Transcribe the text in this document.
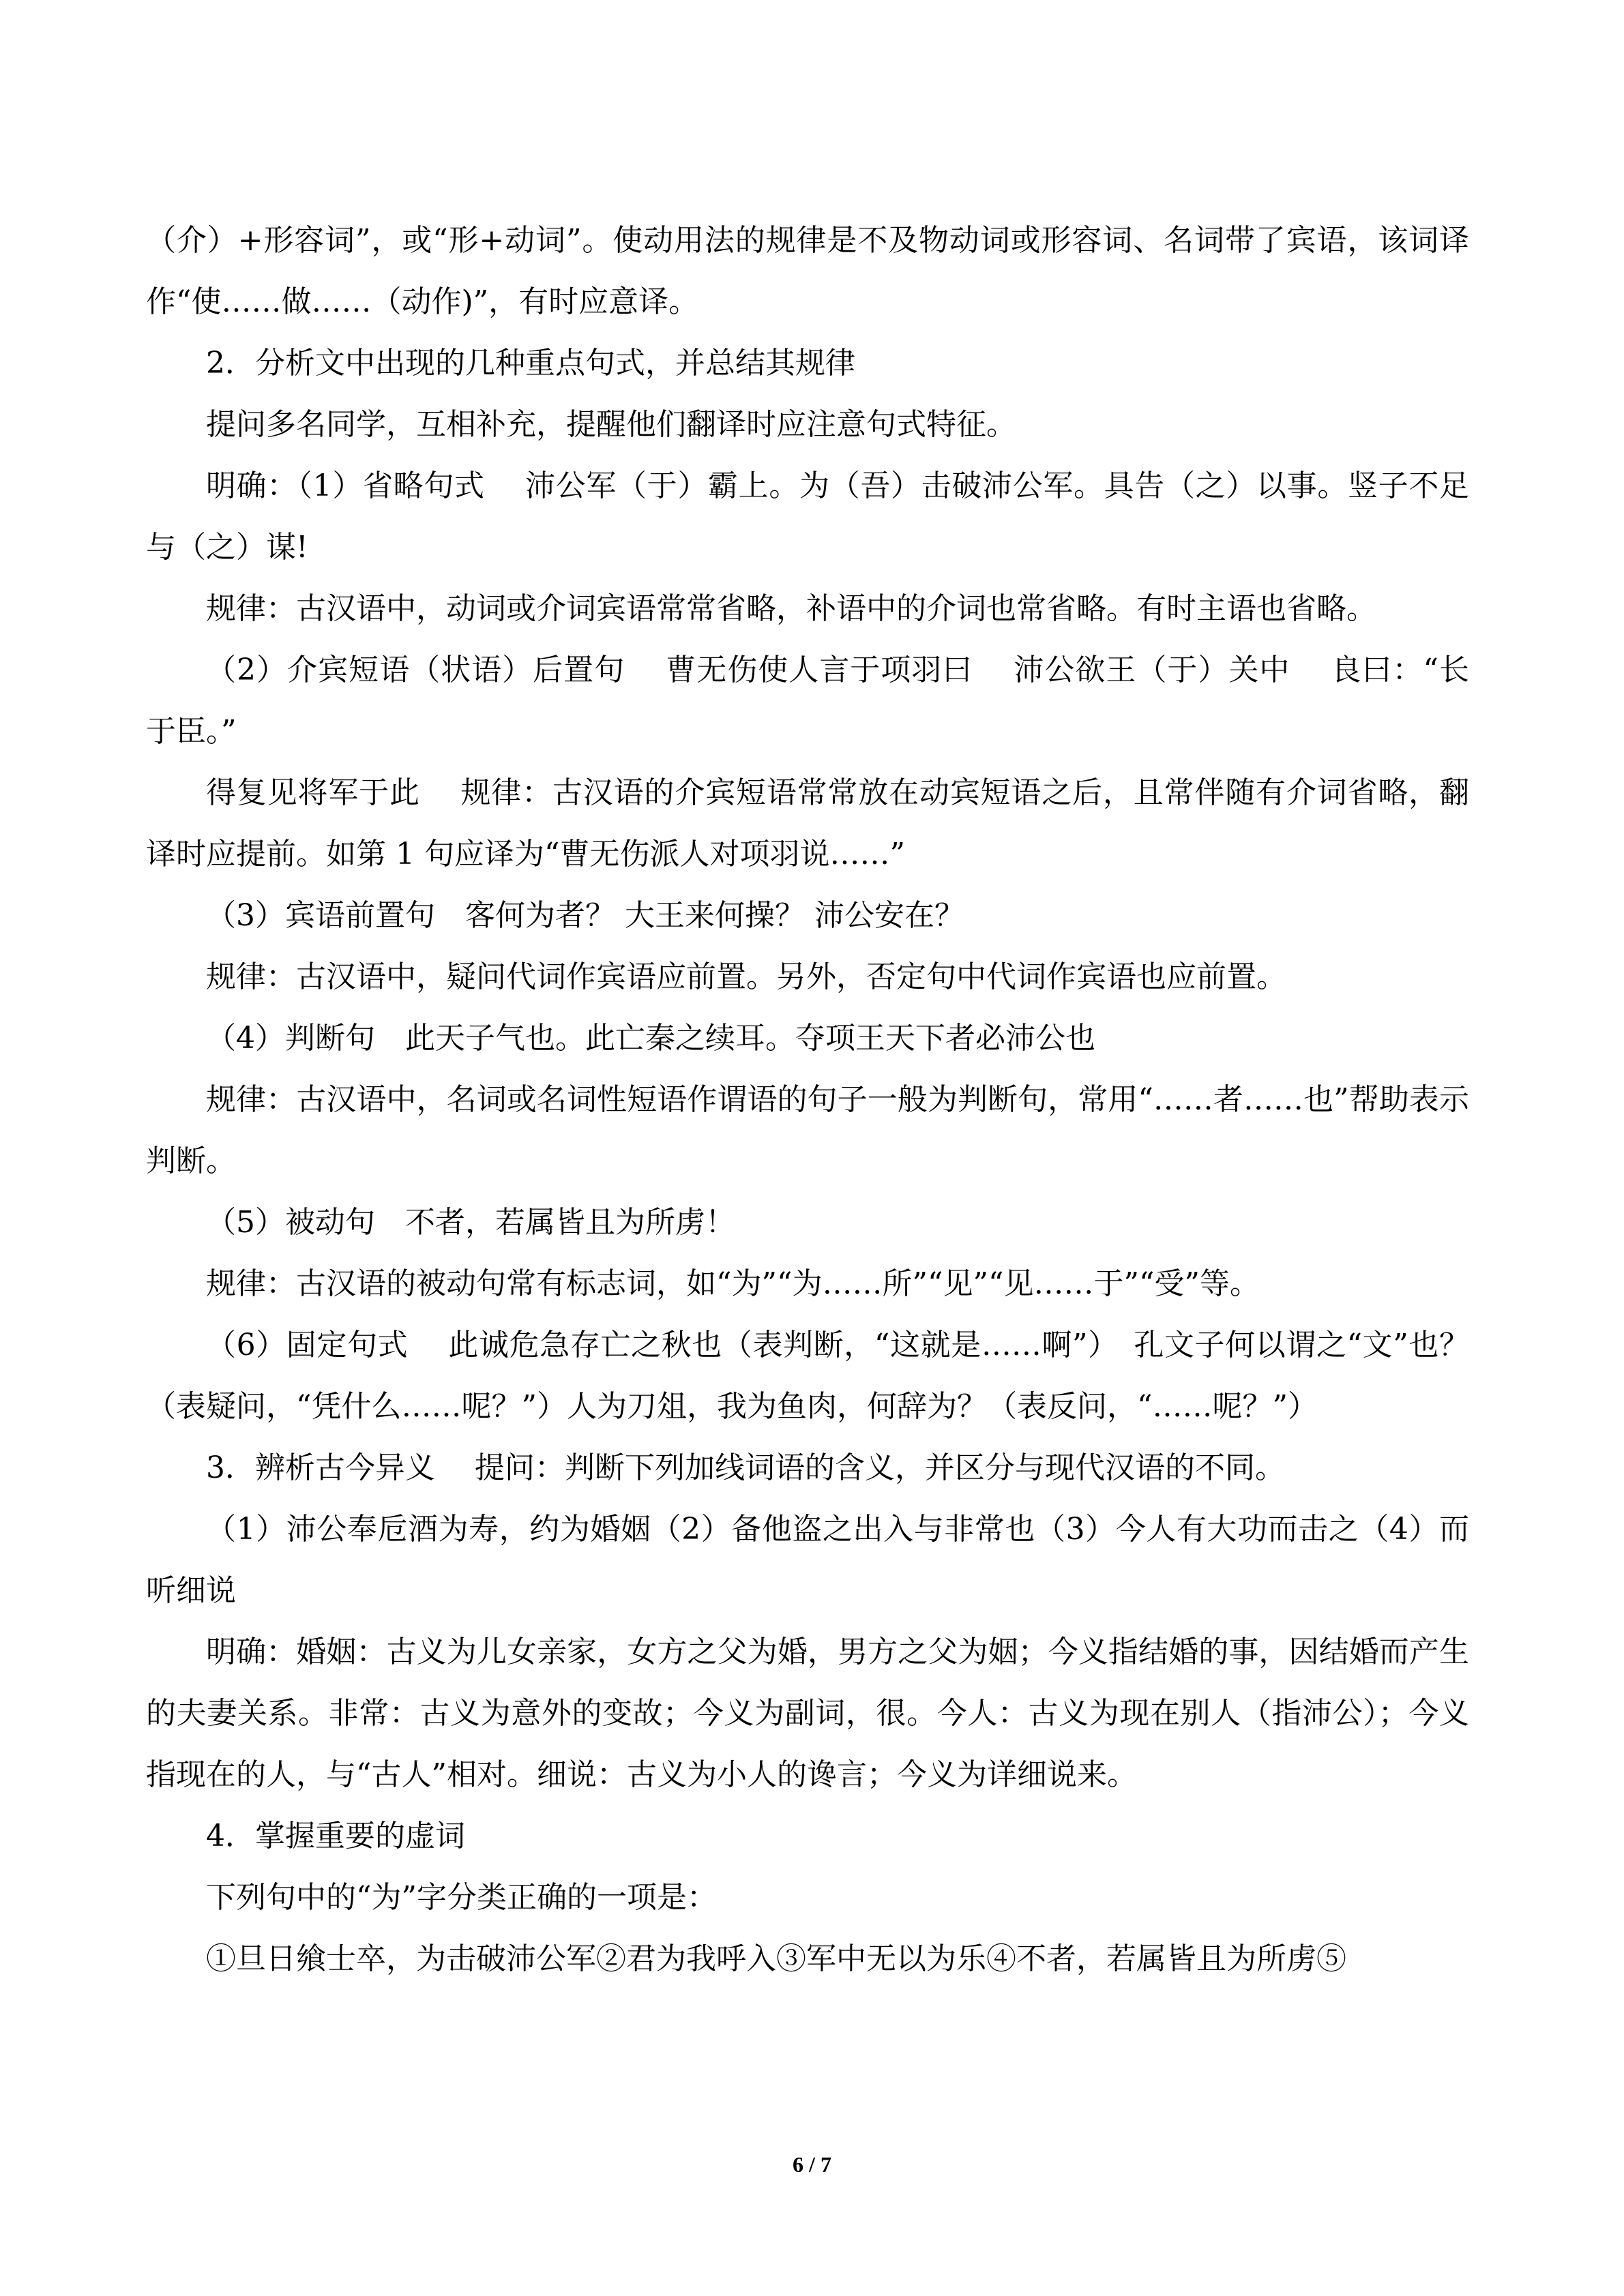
（介）+形容词”，或“形+动词”。使动用法的规律是不及物动词或形容词、名词带了宾语，该词译作“使……做……（动作)”，有时应意译。

2．分析文中出现的几种重点句式，并总结其规律

提问多名同学，互相补充，提醒他们翻译时应注意句式特征。

明确：（1）省略句式　 沛公军（于）霸上。为（吾）击破沛公军。具告（之）以事。竖子不足与（之）谋!

规律：古汉语中，动词或介词宾语常常省略，补语中的介词也常省略。有时主语也省略。

（2）介宾短语（状语）后置句　 曹无伤使人言于项羽曰　 沛公欲王（于）关中　 良曰：“长于臣。”

得复见将军于此　 规律：古汉语的介宾短语常常放在动宾短语之后，且常伴随有介词省略，翻译时应提前。如第 1 句应译为“曹无伤派人对项羽说……”

（3）宾语前置句　客何为者？ 大王来何操？ 沛公安在？

规律：古汉语中，疑问代词作宾语应前置。另外，否定句中代词作宾语也应前置。

（4）判断句　此天子气也。此亡秦之续耳。夺项王天下者必沛公也

规律：古汉语中，名词或名词性短语作谓语的句子一般为判断句，常用“……者……也”帮助表示判断。

（5）被动句　不者，若属皆且为所虏！

规律：古汉语的被动句常有标志词，如“为”“为……所”“见”“见……于”“受”等。

（6）固定句式　 此诚危急存亡之秋也（表判断，“这就是……啊”）　孔文子何以谓之“文”也？（表疑问，“凭什么……呢？”）人为刀俎，我为鱼肉，何辞为？（表反问，“……呢？”）

3．辨析古今异义　 提问：判断下列加线词语的含义，并区分与现代汉语的不同。

（1）沛公奉卮酒为寿，约为婚姻（2）备他盗之出入与非常也（3）今人有大功而击之（4）而听细说

明确：婚姻：古义为儿女亲家，女方之父为婚，男方之父为姻；今义指结婚的事，因结婚而产生的夫妻关系。非常：古义为意外的变故；今义为副词，很。今人：古义为现在别人（指沛公）；今义指现在的人，与“古人”相对。细说：古义为小人的谗言；今义为详细说来。

4．掌握重要的虚词

下列句中的“为”字分类正确的一项是：

①旦日飨士卒，为击破沛公军②君为我呼入③军中无以为乐④不者，若属皆且为所虏⑤

6 / 7
